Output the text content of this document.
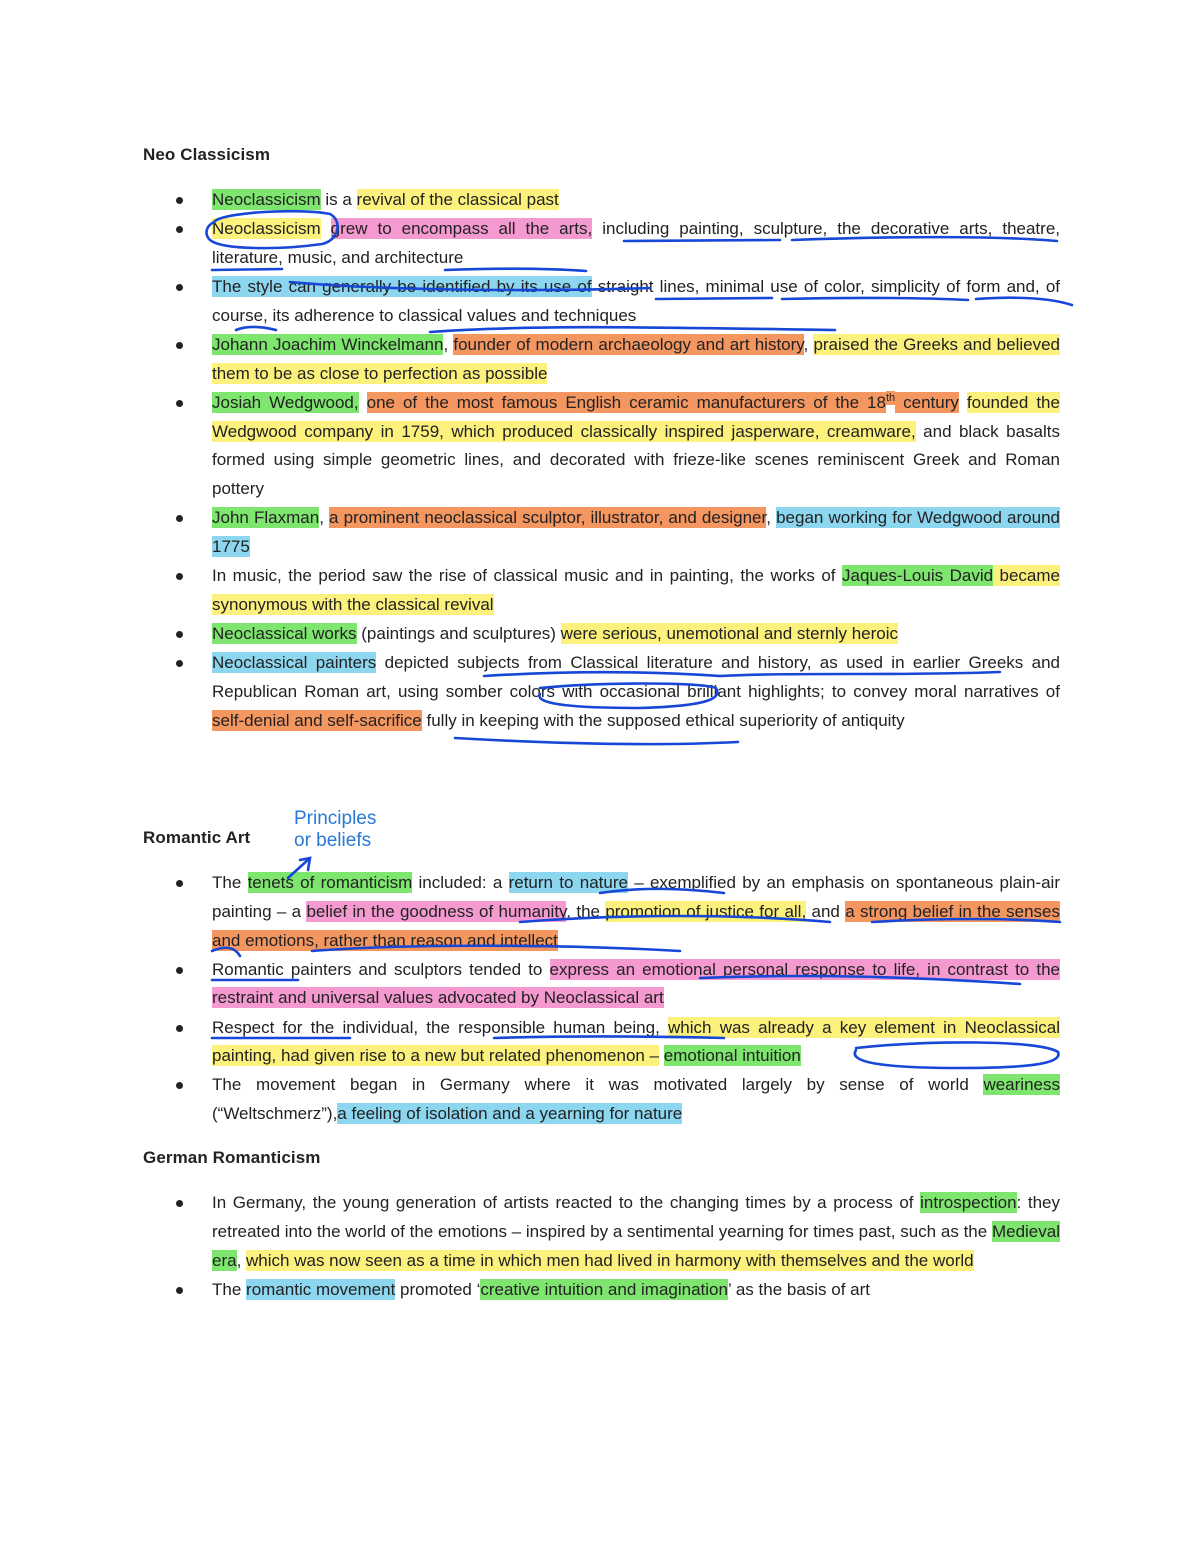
Neo Classicism
Neoclassicism is a revival of the classical past
Neoclassicism grew to encompass all the arts, including painting, sculpture, the decorative arts, theatre, literature, music, and architecture
The style can generally be identified by its use of straight lines, minimal use of color, simplicity of form and, of course, its adherence to classical values and techniques
Johann Joachim Winckelmann, founder of modern archaeology and art history, praised the Greeks and believed them to be as close to perfection as possible
Josiah Wedgwood, one of the most famous English ceramic manufacturers of the 18th century founded the Wedgwood company in 1759, which produced classically inspired jasperware, creamware, and black basalts formed using simple geometric lines, and decorated with frieze-like scenes reminiscent Greek and Roman pottery
John Flaxman, a prominent neoclassical sculptor, illustrator, and designer, began working for Wedgwood around 1775
In music, the period saw the rise of classical music and in painting, the works of Jaques-Louis David became synonymous with the classical revival
Neoclassical works (paintings and sculptures) were serious, unemotional and sternly heroic
Neoclassical painters depicted subjects from Classical literature and history, as used in earlier Greeks and Republican Roman art, using somber colors with occasional brilliant highlights; to convey moral narratives of self-denial and self-sacrifice fully in keeping with the supposed ethical superiority of antiquity
Romantic Art
Principles
or beliefs
The tenets of romanticism included: a return to nature – exemplified by an emphasis on spontaneous plain-air painting – a belief in the goodness of humanity, the promotion of justice for all, and a strong belief in the senses and emotions, rather than reason and intellect
Romantic painters and sculptors tended to express an emotional personal response to life, in contrast to the restraint and universal values advocated by Neoclassical art
Respect for the individual, the responsible human being, which was already a key element in Neoclassical painting, had given rise to a new but related phenomenon – emotional intuition
The movement began in Germany where it was motivated largely by sense of world weariness (“Weltschmerz”),a feeling of isolation and a yearning for nature
German Romanticism
In Germany, the young generation of artists reacted to the changing times by a process of introspection: they retreated into the world of the emotions – inspired by a sentimental yearning for times past, such as the Medieval era, which was now seen as a time in which men had lived in harmony with themselves and the world
The romantic movement promoted ‘creative intuition and imagination’ as the basis of art
